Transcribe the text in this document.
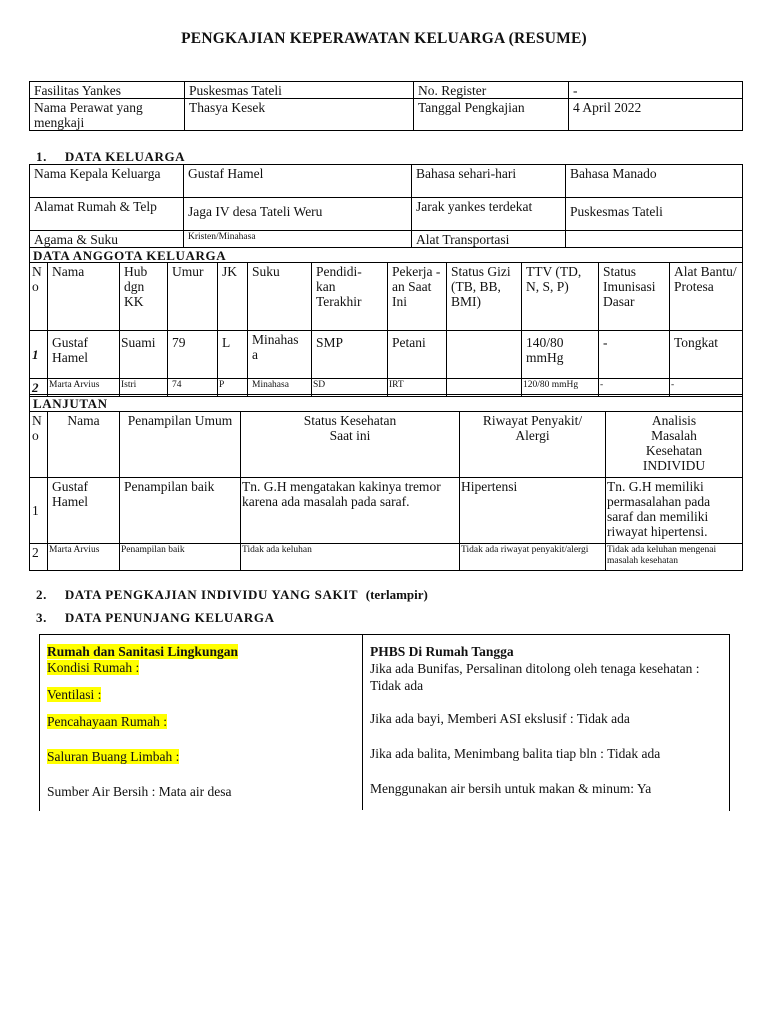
PENGKAJIAN KEPERAWATAN KELUARGA (RESUME)
Fasilitas Yankes	Puskesmas Tateli	No. Register	-
Nama Perawat yang mengkaji	Thasya Kesek	Tanggal Pengkajian	4 April 2022
1. DATA KELUARGA
Nama Kepala Keluarga	Gustaf Hamel	Bahasa sehari-hari	Bahasa Manado
Alamat Rumah & Telp	Jaga IV desa Tateli Weru	Jarak yankes terdekat	Puskesmas Tateli
Agama & Suku	Kristen/Minahasa	Alat Transportasi	
DATA ANGGOTA KELUARGA											
N o	Nama	Hub dgn KK	Umur	JK	Suku	Pendidi- kan Terakhir	Pekerja -an Saat Ini	Status Gizi (TB, BB, BMI)	TTV (TD, N, S, P)	Status Imunisasi Dasar	Alat Bantu/ Protesa
1	Gustaf Hamel	Suami	79	L	Minahas a	SMP	Petani		140/80 mmHg	-	Tongkat
2	Marta Arvius	Istri	74	P	Minahasa	SD	IRT		120/80 mmHg	-	-
LANJUTAN					
N o	Nama	Penampilan Umum	Status Kesehatan Saat ini	Riwayat Penyakit/ Alergi	Analisis Masalah Kesehatan INDIVIDU
1	Gustaf Hamel	Penampilan baik	Tn. G.H mengatakan kakinya tremor karena ada masalah pada saraf.	Hipertensi	Tn. G.H memiliki permasalahan pada saraf dan memiliki riwayat hipertensi.
2	Marta Arvius	Penampilan baik	Tidak ada keluhan	Tidak ada riwayat penyakit/alergi	Tidak ada keluhan mengenai masalah kesehatan
2. DATA PENGKAJIAN INDIVIDU YANG SAKIT (terlampir)
3. DATA PENUNJANG KELUARGA
Rumah dan Sanitasi Lingkungan
Kondisi Rumah :
Ventilasi :
Pencahayaan Rumah :
Saluran Buang Limbah :
Sumber Air Bersih : Mata air desa
PHBS Di Rumah Tangga
Jika ada Bunifas, Persalinan ditolong oleh tenaga kesehatan : Tidak ada
Jika ada bayi, Memberi ASI ekslusif : Tidak ada
Jika ada balita, Menimbang balita tiap bln : Tidak ada
Menggunakan air bersih untuk makan & minum: Ya
